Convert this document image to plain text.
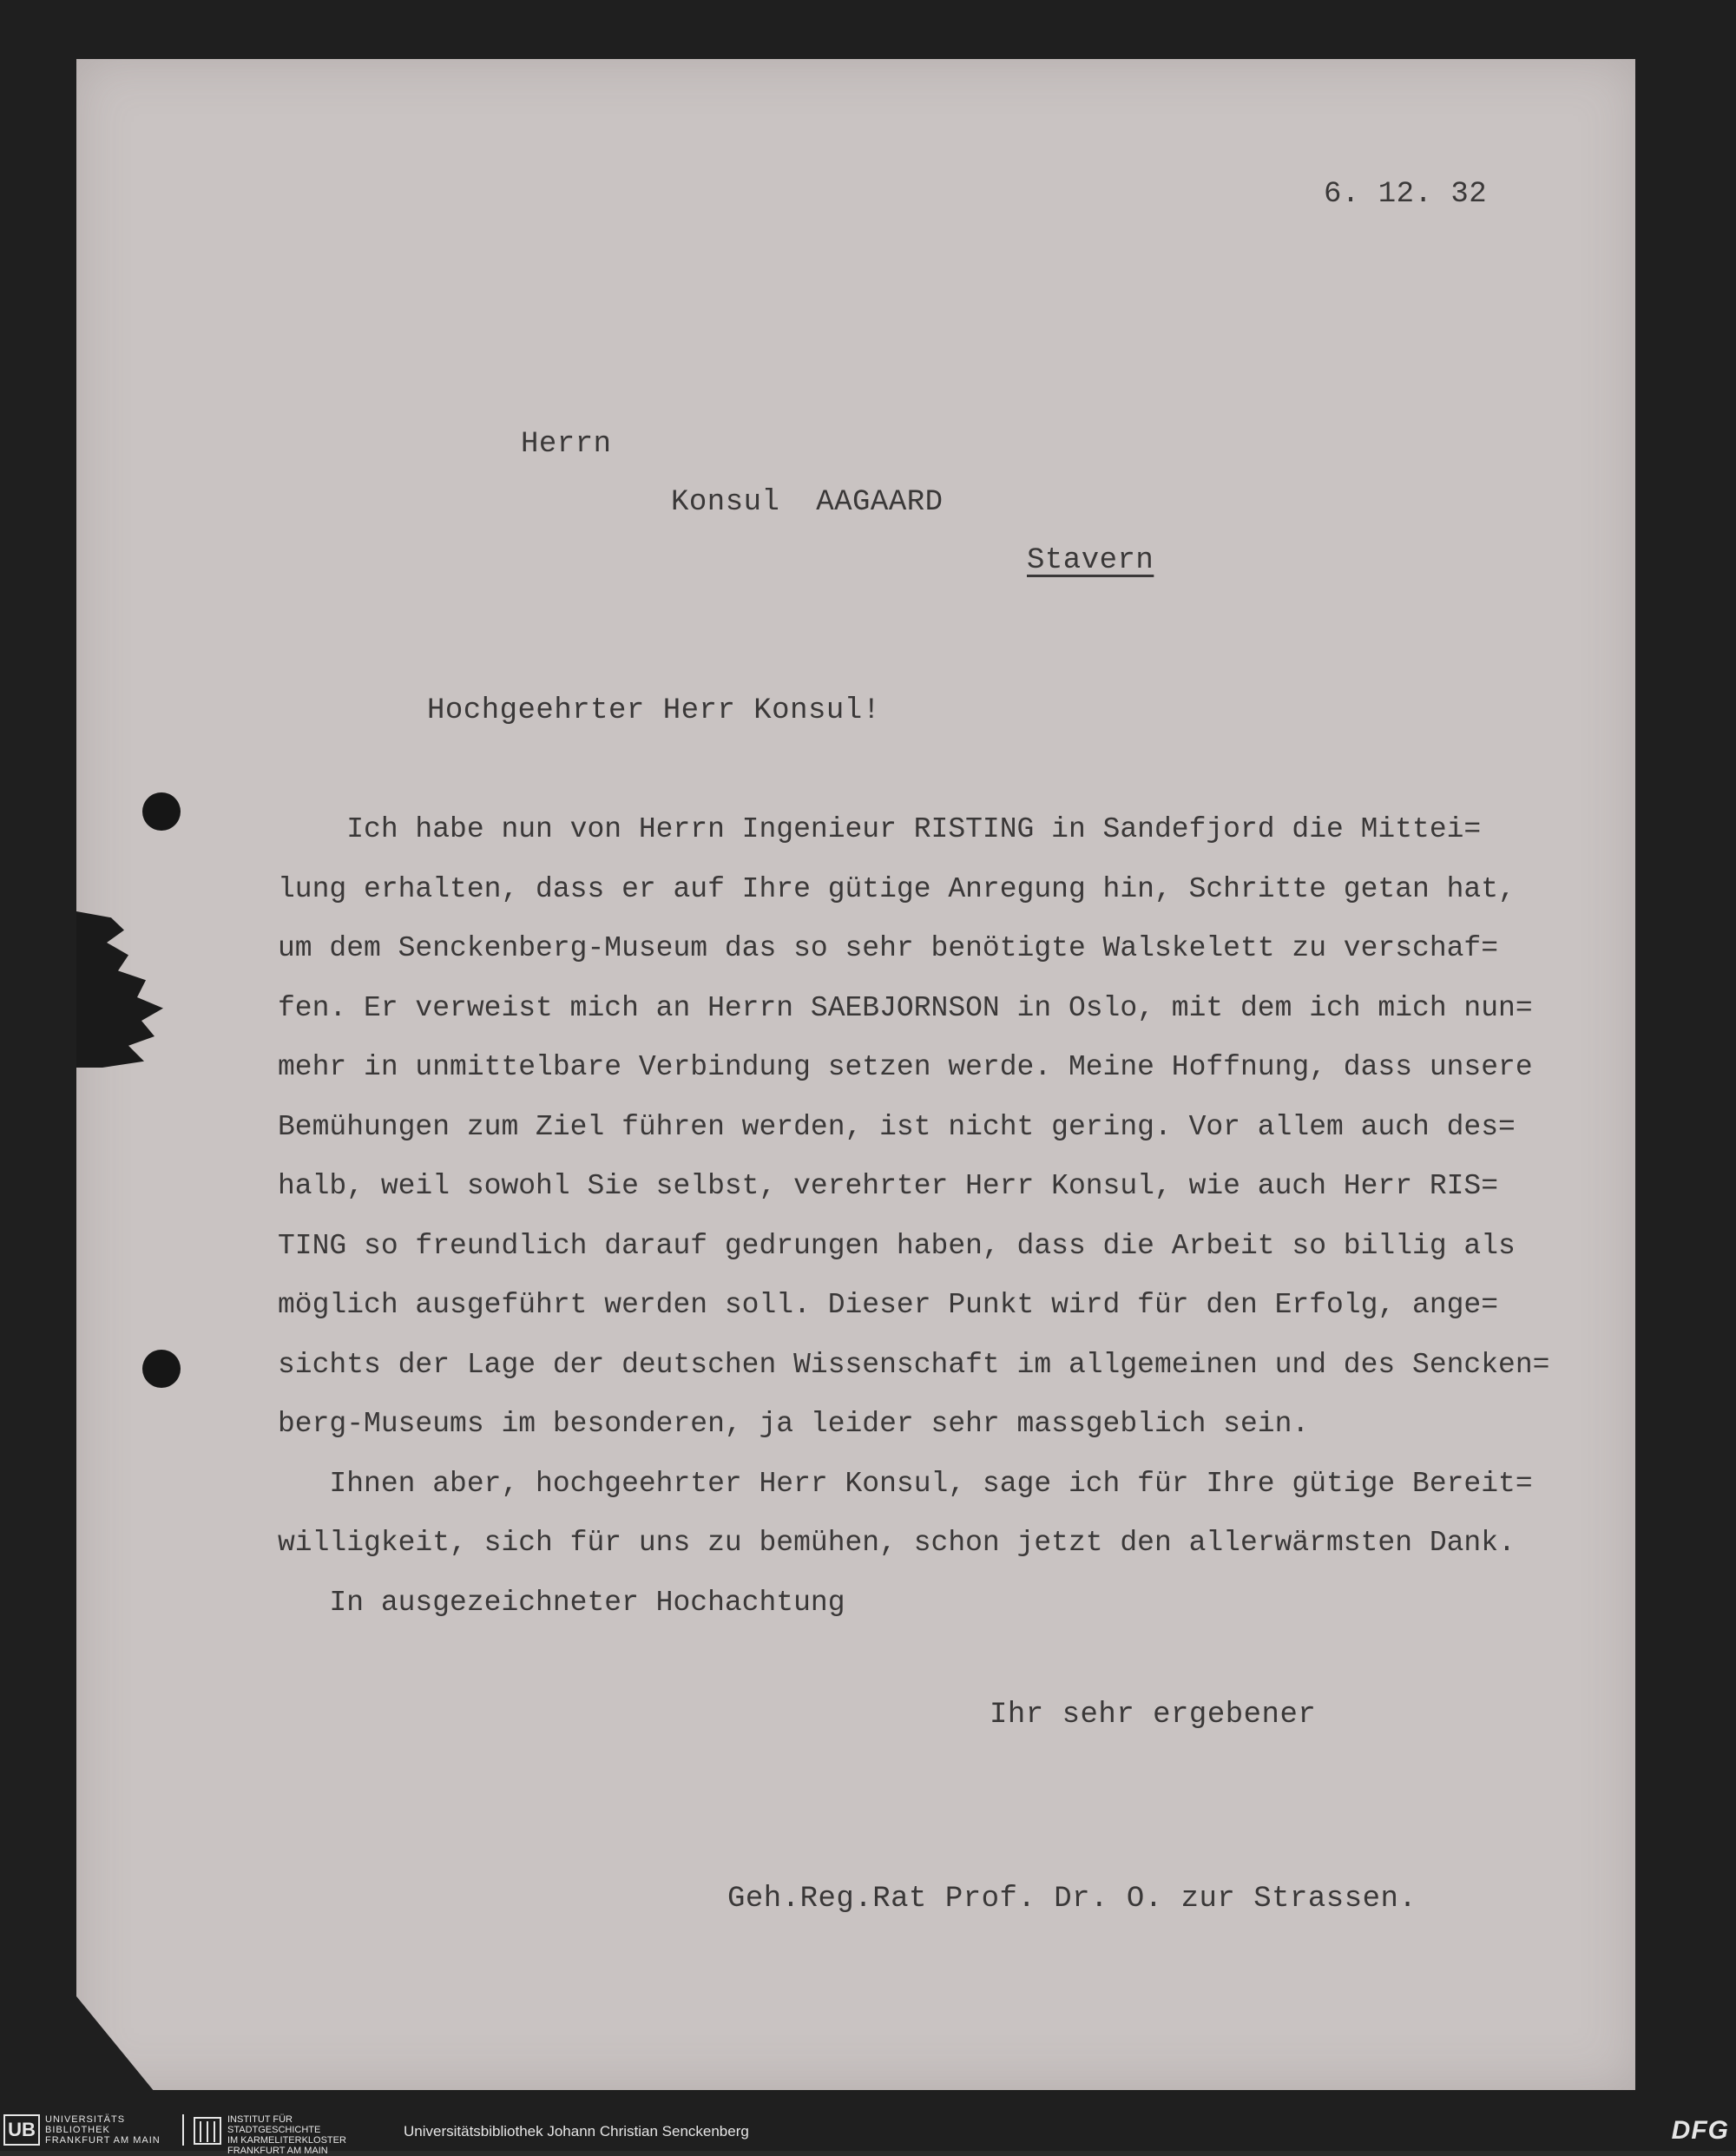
6. 12. 32
Herrn
Konsul  AAGAARD
Stavern
Hochgeehrter Herr Konsul!
Ich habe nun von Herrn Ingenieur RISTING in Sandefjord die Mittei=
lung erhalten, dass er auf Ihre gütige Anregung hin, Schritte getan hat,
um dem Senckenberg-Museum das so sehr benötigte Walskelett zu verschaf=
fen. Er verweist mich an Herrn SAEBJORNSON in Oslo, mit dem ich mich nun=
mehr in unmittelbare Verbindung setzen werde. Meine Hoffnung, dass unsere
Bemühungen zum Ziel führen werden, ist nicht gering. Vor allem auch des=
halb, weil sowohl Sie selbst, verehrter Herr Konsul, wie auch Herr RIS=
TING so freundlich darauf gedrungen haben, dass die Arbeit so billig als
möglich ausgeführt werden soll. Dieser Punkt wird für den Erfolg, ange=
sichts der Lage der deutschen Wissenschaft im allgemeinen und des Sencken=
berg-Museums im besonderen, ja leider sehr massgeblich sein.
Ihnen aber, hochgeehrter Herr Konsul, sage ich für Ihre gütige Bereit=
willigkeit, sich für uns zu bemühen, schon jetzt den allerwärmsten Dank.
In ausgezeichneter Hochachtung
Ihr sehr ergebener
Geh.Reg.Rat Prof. Dr. O. zur Strassen.
UB	UNIVERSITÄTS
BIBLIOTHEK
FRANKFURT AM MAIN
INSTITUT FÜR
STADTGESCHICHTE
IM KARMELITERKLOSTER
FRANKFURT AM MAIN
Universitätsbibliothek Johann Christian Senckenberg	DFG
